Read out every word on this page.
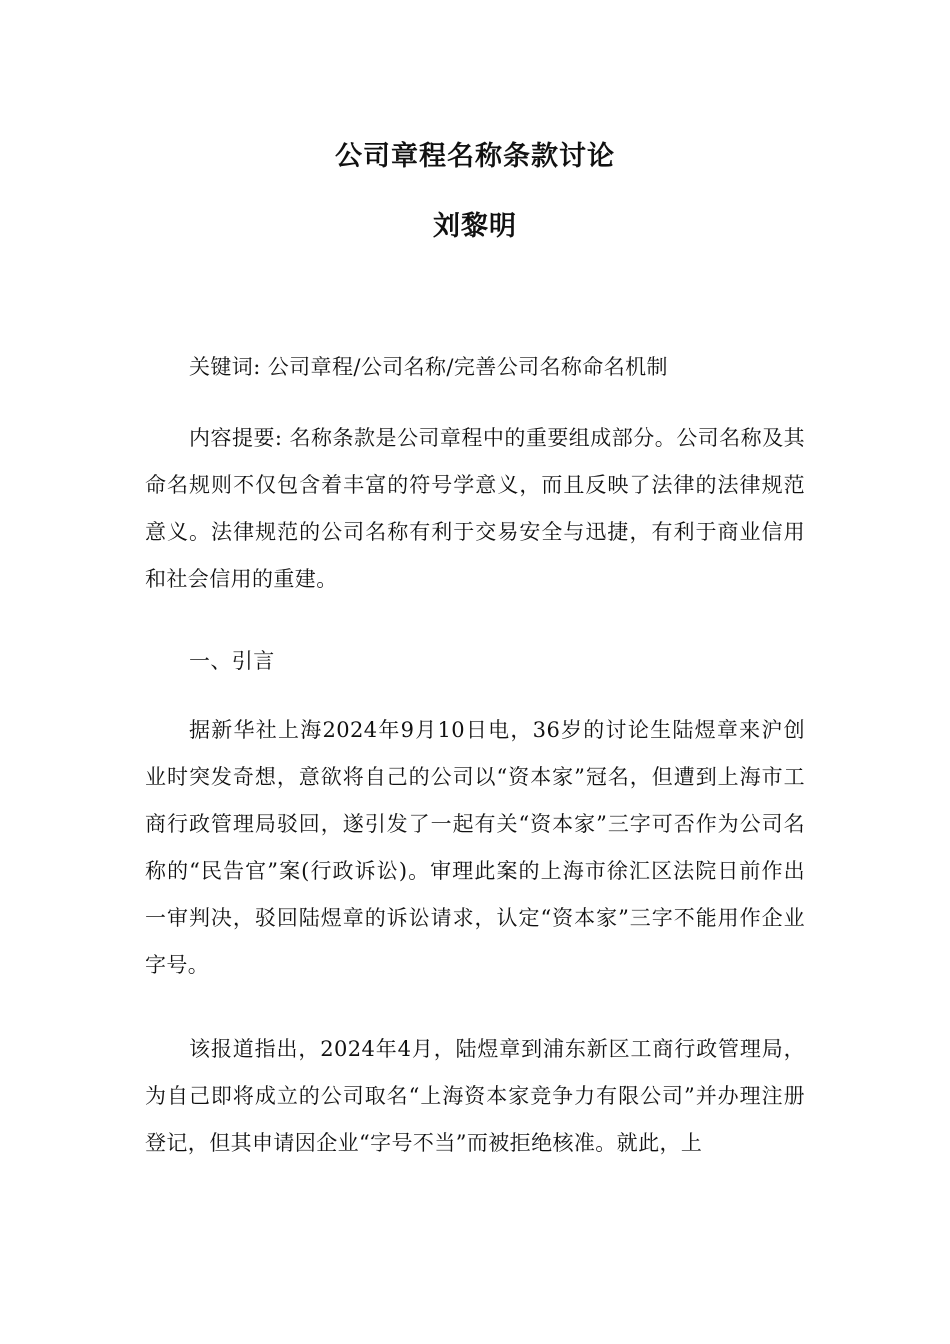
公司章程名称条款讨论
刘黎明

关键词: 公司章程/公司名称/完善公司名称命名机制

内容提要: 名称条款是公司章程中的重要组成部分。公司名称及其命名规则不仅包含着丰富的符号学意义，而且反映了法律的法律规范意义。法律规范的公司名称有利于交易安全与迅捷，有利于商业信用和社会信用的重建。

一、引言

据新华社上海2024年9月10日电，36岁的讨论生陆煜章来沪创业时突发奇想，意欲将自己的公司以“资本家”冠名，但遭到上海市工商行政管理局驳回，遂引发了一起有关“资本家”三字可否作为公司名称的“民告官”案(行政诉讼)。审理此案的上海市徐汇区法院日前作出一审判决，驳回陆煜章的诉讼请求，认定“资本家”三字不能用作企业字号。

该报道指出，2024年4月，陆煜章到浦东新区工商行政管理局，为自己即将成立的公司取名“上海资本家竞争力有限公司”并办理注册登记，但其申请因企业“字号不当”而被拒绝核准。就此，上
